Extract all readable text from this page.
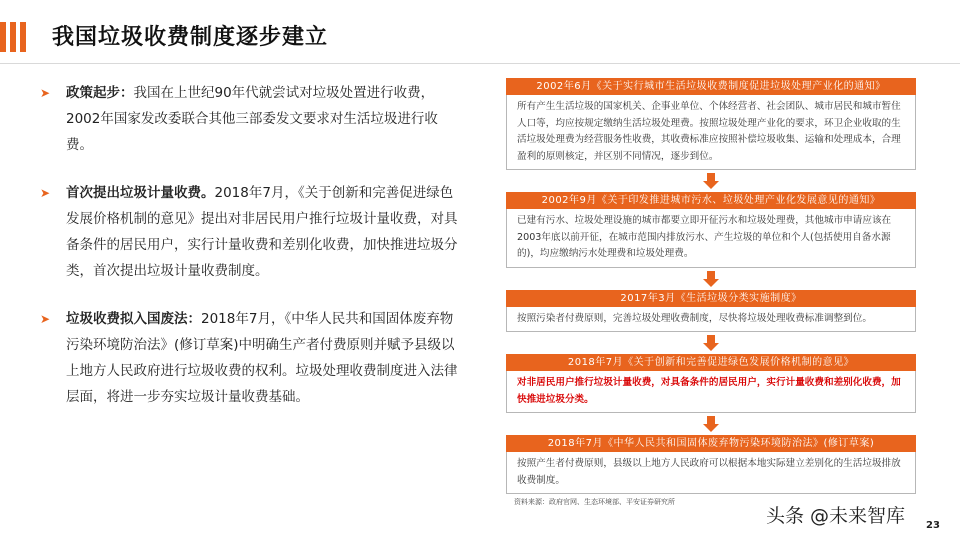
我国垃圾收费制度逐步建立
➤ 政策起步：我国在上世纪90年代就尝试对垃圾处置进行收费，2002年国家发改委联合其他三部委发文要求对生活垃圾进行收费。
➤ 首次提出垃圾计量收费。2018年7月，《关于创新和完善促进绿色发展价格机制的意见》提出对非居民用户推行垃圾计量收费，对具备条件的居民用户，实行计量收费和差别化收费，加快推进垃圾分类，首次提出垃圾计量收费制度。
➤ 垃圾收费拟入国废法：2018年7月，《中华人民共和国固体废弃物污染环境防治法》(修订草案)中明确生产者付费原则并赋予县级以上地方人民政府进行垃圾收费的权利。垃圾处理收费制度进入法律层面，将进一步夯实垃圾计量收费基础。
2002年6月《关于实行城市生活垃圾收费制度促进垃圾处理产业化的通知》
所有产生生活垃圾的国家机关、企事业单位、个体经营者、社会团队、城市居民和城市暂住人口等，均应按规定缴纳生活垃圾处理费。按照垃圾处理产业化的要求，环卫企业收取的生活垃圾处理费为经营服务性收费，其收费标准应按照补偿垃圾收集、运输和处理成本，合理盈利的原则核定，并区别不同情况，逐步到位。
2002年9月《关于印发推进城市污水、垃圾处理产业化发展意见的通知》
已建有污水、垃圾处理设施的城市都要立即开征污水和垃圾处理费，其他城市申请应该在2003年底以前开征，在城市范围内排放污水、产生垃圾的单位和个人(包括使用自备水源的)，均应缴纳污水处理费和垃圾处理费。
2017年3月《生活垃圾分类实施制度》
按照污染者付费原则，完善垃圾处理收费制度，尽快将垃圾处理收费标准调整到位。
2018年7月《关于创新和完善促进绿色发展价格机制的意见》
对非居民用户推行垃圾计量收费，对具备条件的居民用户，实行计量收费和差别化收费，加快推进垃圾分类。
2018年7月《中华人民共和国固体废弃物污染环境防治法》(修订草案)
按照产生者付费原则，县级以上地方人民政府可以根据本地实际建立差别化的生活垃圾排放收费制度。
资料来源：政府官网、生态环境部、平安证券研究所
头条 @未来智库 23
